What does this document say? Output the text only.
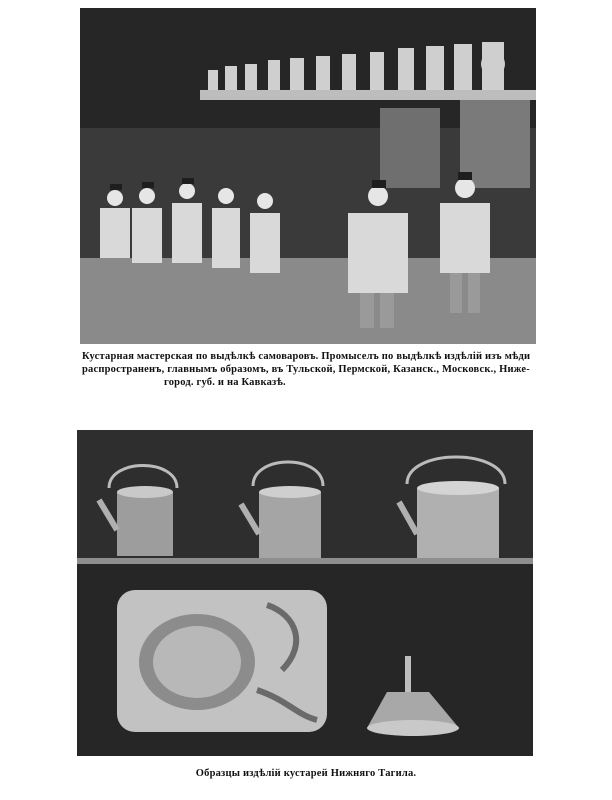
Кустарная мастерская по выдѣлкѣ самоваровъ. Промыселъ по выдѣлкѣ издѣлій изъ мѣди
распространенъ, главнымъ образомъ, въ Тульской, Пермской, Казанск., Московск., Ниже-
город. губ. и на Кавказѣ.
Образцы издѣлій кустарей Нижняго Тагила.
